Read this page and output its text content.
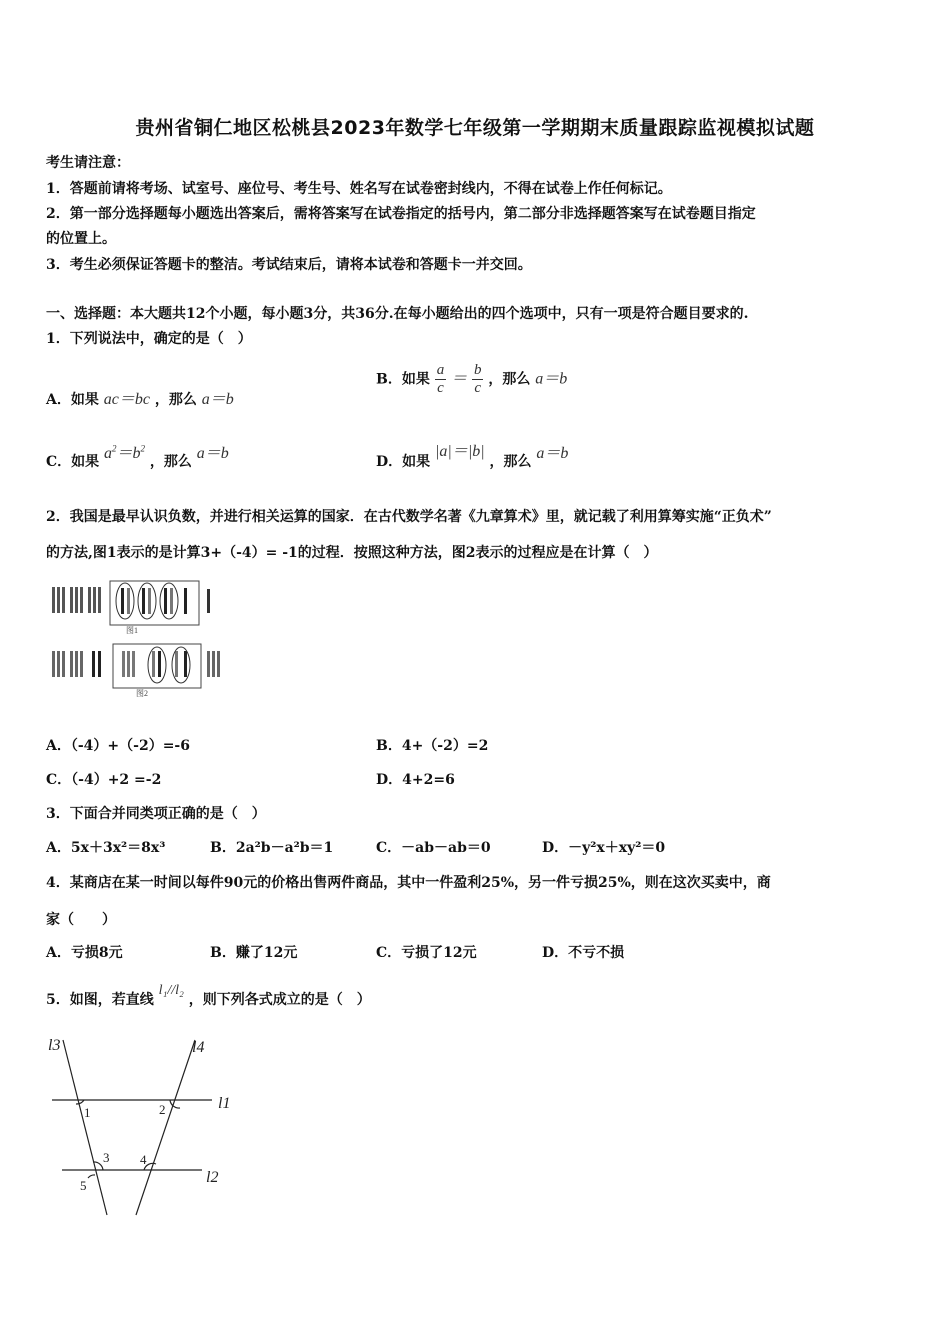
贵州省铜仁地区松桃县2023年数学七年级第一学期期末质量跟踪监视模拟试题
考生请注意：
1．答题前请将考场、试室号、座位号、考生号、姓名写在试卷密封线内，不得在试卷上作任何标记。
2．第一部分选择题每小题选出答案后，需将答案写在试卷指定的括号内，第二部分非选择题答案写在试卷题目指定
的位置上。
3．考生必须保证答题卡的整洁。考试结束后，请将本试卷和答题卡一并交回。
一、选择题：本大题共12个小题，每小题3分，共36分.在每小题给出的四个选项中，只有一项是符合题目要求的.
1．下列说法中，确定的是（　）
A．如果 ac＝bc ，那么 a＝b
B．如果 $\frac{a}{c} = \frac{b}{c}$ ，那么 a＝b
C．如果 $a^2=b^2$ ，那么 a＝b	D．如果 |a|＝|b| ，那么 a＝b
2．我国是最早认识负数，并进行相关运算的国家．在古代数学名著《九章算术》里，就记载了利用算筹实施“正负术”
的方法,图1表示的是计算3+（-4）= -1的过程．按照这种方法，图2表示的过程应是在计算（　）
图1
图2
A．（-4）+（-2）=-6	B．4+（-2）=2
C．（-4）+2 =-2	D．4+2=6
3．下面合并同类项正确的是（　）
A．5x＋3x²＝8x³	B．2a²b－a²b＝1	C．－ab－ab＝0	D．－y²x＋xy²＝0
4．某商店在某一时间以每件90元的价格出售两件商品，其中一件盈利25%，另一件亏损25%，则在这次买卖中，商
家（　　）
A．亏损8元	B．赚了12元	C．亏损了12元	D．不亏不损
5．如图，若直线 l₁//l₂ ，则下列各式成立的是（　）
l3	l4
l1
l2
1	2
3 4
5
